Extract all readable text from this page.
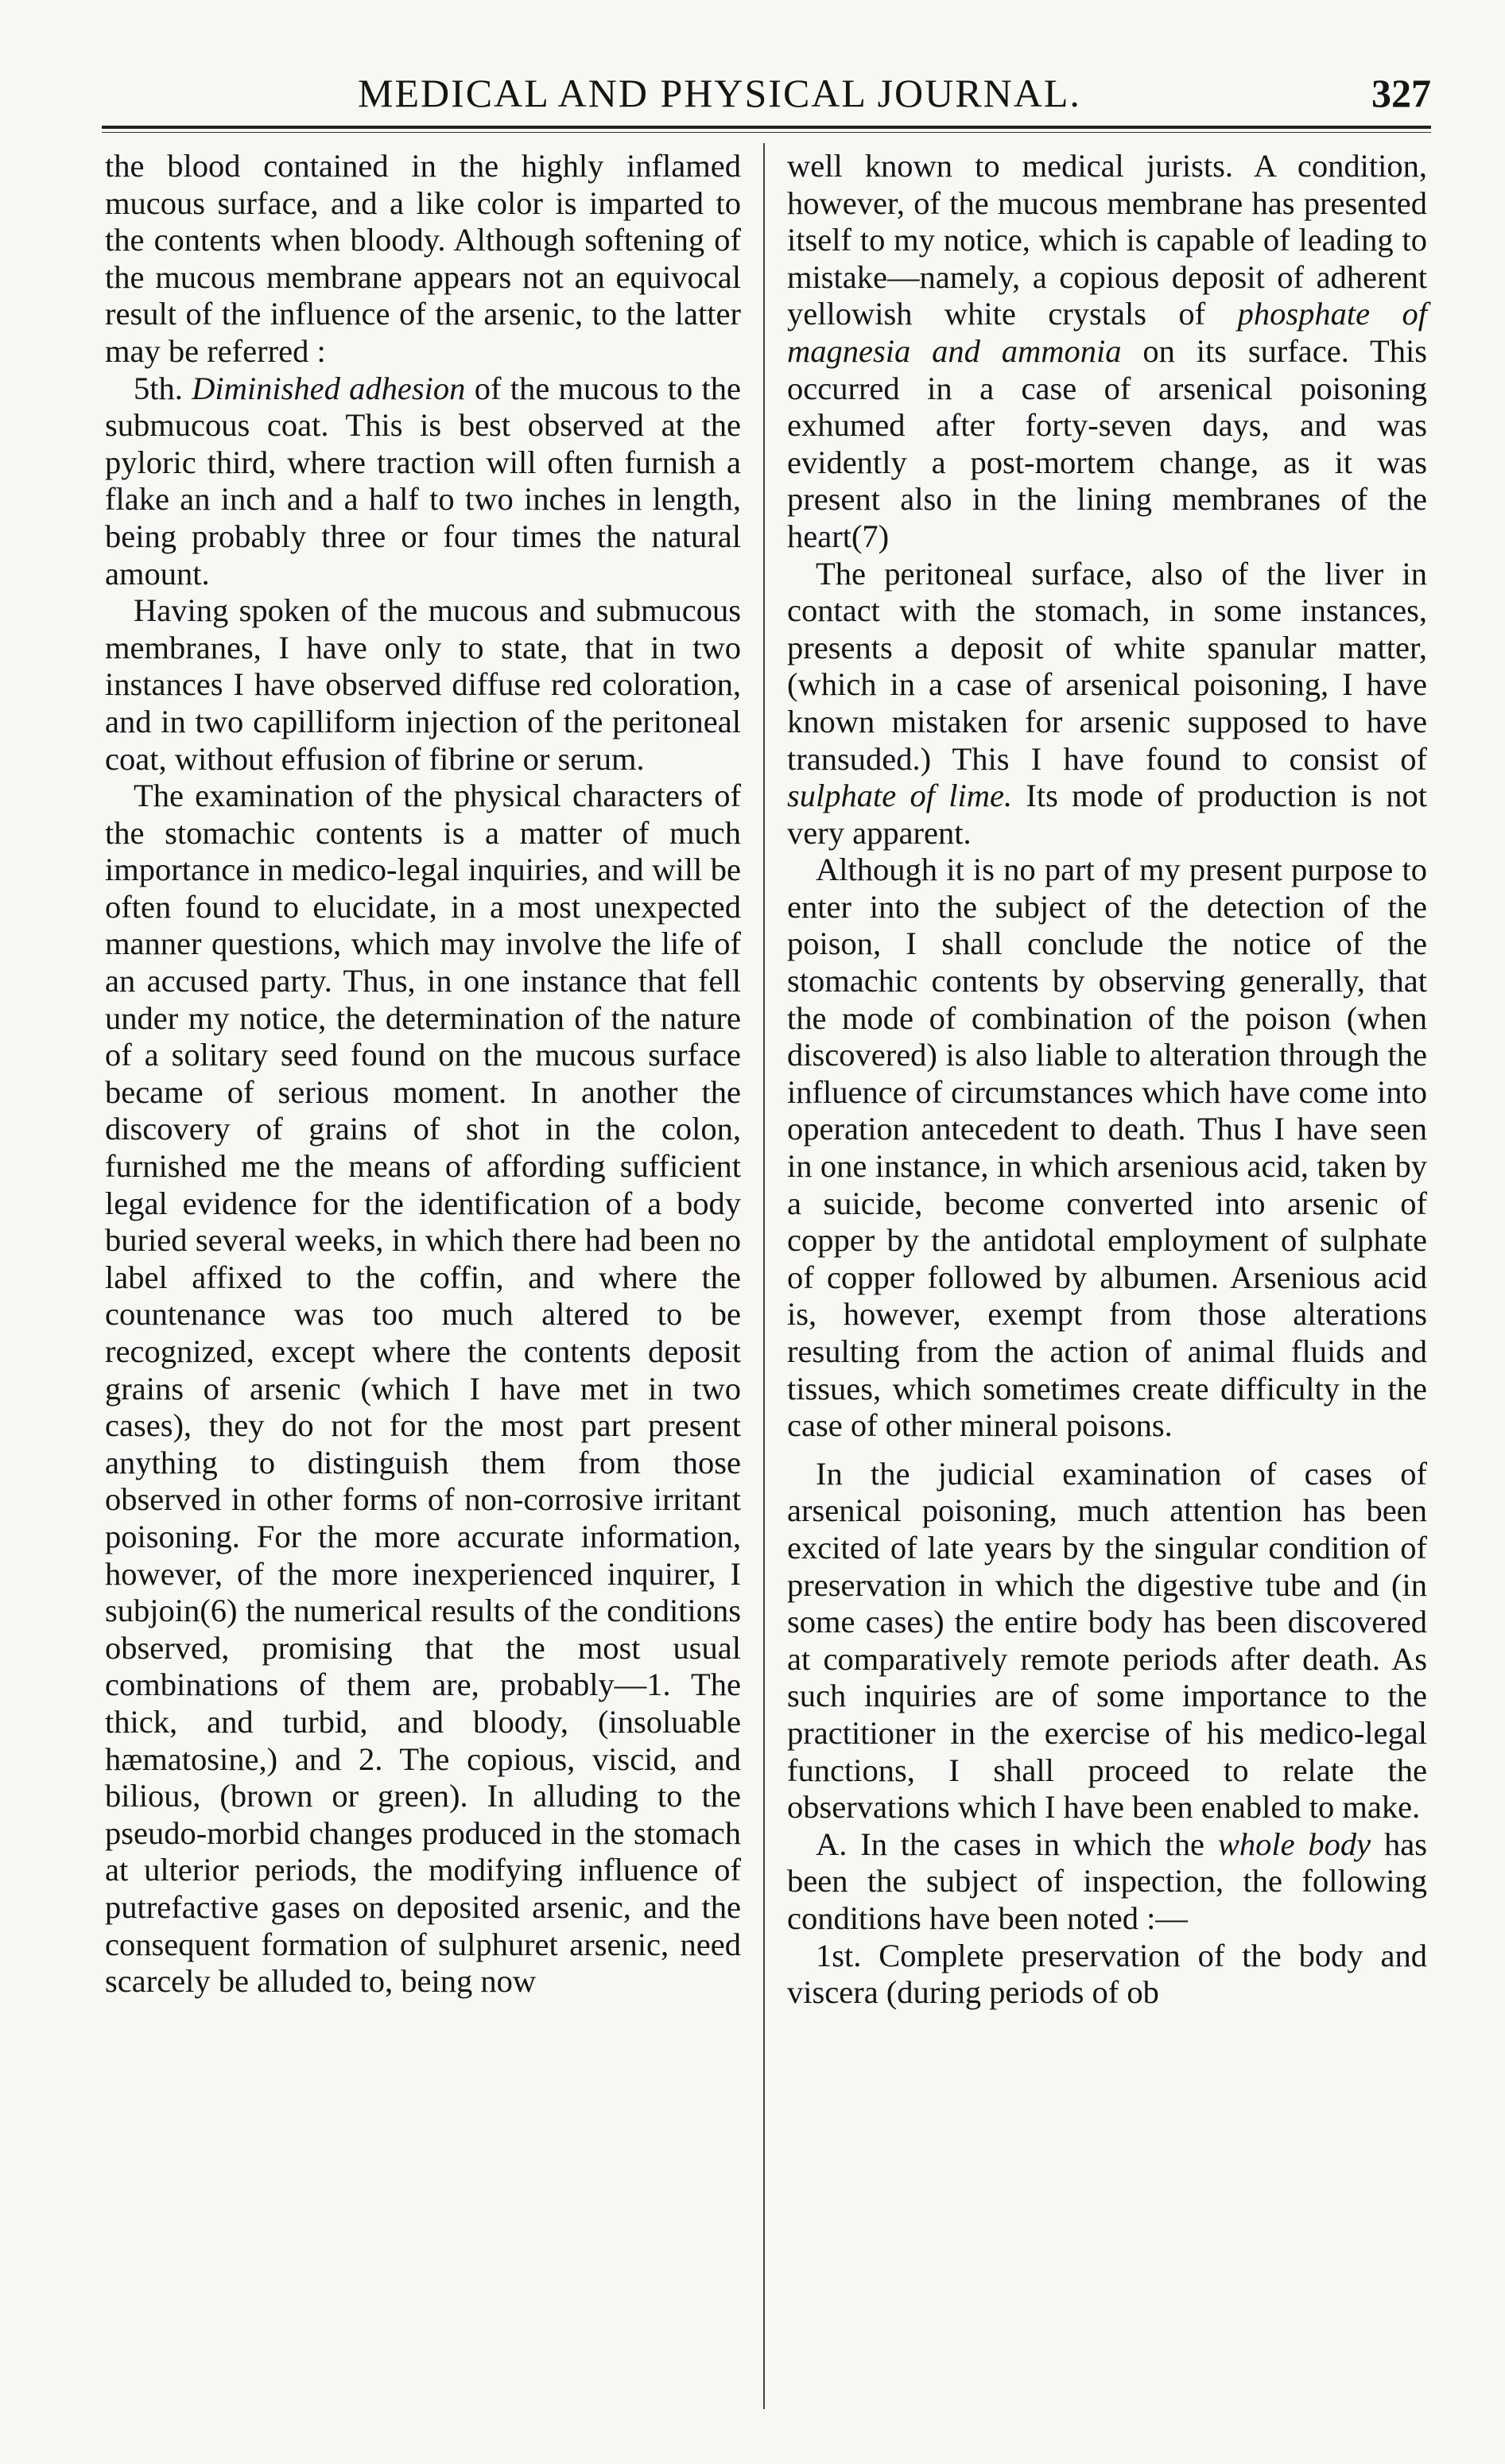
MEDICAL AND PHYSICAL JOURNAL.	327

the blood contained in the highly inflamed mucous surface, and a like color is imparted to the contents when bloody. Although softening of the mucous membrane appears not an equivocal result of the influence of the arsenic, to the latter may be referred :

5th. Diminished adhesion of the mucous to the submucous coat. This is best observed at the pyloric third, where traction will often furnish a flake an inch and a half to two inches in length, being probably three or four times the natural amount.

Having spoken of the mucous and submucous membranes, I have only to state, that in two instances I have observed diffuse red coloration, and in two capilliform injection of the peritoneal coat, without effusion of fibrine or serum.

The examination of the physical characters of the stomachic contents is a matter of much importance in medico-legal inquiries, and will be often found to elucidate, in a most unexpected manner questions, which may involve the life of an accused party. Thus, in one instance that fell under my notice, the determination of the nature of a solitary seed found on the mucous surface became of serious moment. In another the discovery of grains of shot in the colon, furnished me the means of affording sufficient legal evidence for the identification of a body buried several weeks, in which there had been no label affixed to the coffin, and where the countenance was too much altered to be recognized, except where the contents deposit grains of arsenic (which I have met in two cases), they do not for the most part present anything to distinguish them from those observed in other forms of non-corrosive irritant poisoning. For the more accurate information, however, of the more inexperienced inquirer, I subjoin(6) the numerical results of the conditions observed, promising that the most usual combinations of them are, probably—1. The thick, and turbid, and bloody, (insoluable hæmatosine,) and 2. The copious, viscid, and bilious, (brown or green). In alluding to the pseudo-morbid changes produced in the stomach at ulterior periods, the modifying influence of putrefactive gases on deposited arsenic, and the consequent formation of sulphuret arsenic, need scarcely be alluded to, being now

well known to medical jurists. A condition, however, of the mucous membrane has presented itself to my notice, which is capable of leading to mistake—namely, a copious deposit of adherent yellowish white crystals of phosphate of magnesia and ammonia on its surface. This occurred in a case of arsenical poisoning exhumed after forty-seven days, and was evidently a post-mortem change, as it was present also in the lining membranes of the heart(7)

The peritoneal surface, also of the liver in contact with the stomach, in some instances, presents a deposit of white spanular matter, (which in a case of arsenical poisoning, I have known mistaken for arsenic supposed to have transuded.) This I have found to consist of sulphate of lime. Its mode of production is not very apparent.

Although it is no part of my present purpose to enter into the subject of the detection of the poison, I shall conclude the notice of the stomachic contents by observing generally, that the mode of combination of the poison (when discovered) is also liable to alteration through the influence of circumstances which have come into operation antecedent to death. Thus I have seen in one instance, in which arsenious acid, taken by a suicide, become converted into arsenic of copper by the antidotal employment of sulphate of copper followed by albumen. Arsenious acid is, however, exempt from those alterations resulting from the action of animal fluids and tissues, which sometimes create difficulty in the case of other mineral poisons.

In the judicial examination of cases of arsenical poisoning, much attention has been excited of late years by the singular condition of preservation in which the digestive tube and (in some cases) the entire body has been discovered at comparatively remote periods after death. As such inquiries are of some importance to the practitioner in the exercise of his medico-legal functions, I shall proceed to relate the observations which I have been enabled to make.

A. In the cases in which the whole body has been the subject of inspection, the following conditions have been noted :—

1st. Complete preservation of the body and viscera (during periods of ob
